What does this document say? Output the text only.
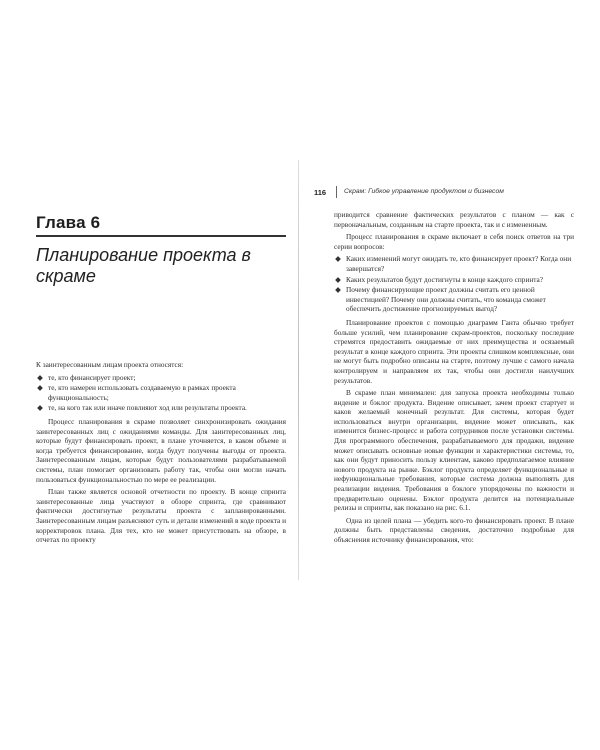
Глава 6
Планирование проекта в скраме

К заинтересованным лицам проекта относятся:

те, кто финансирует проект;
те, кто намерен использовать создаваемую в рамках проекта функциональность;
те, на кого так или иначе повлияют ход или результаты проекта.

Процесс планирования в скраме позволяет синхронизировать ожидания заинтересованных лиц с ожиданиями команды. Для заинтересованных лиц, которые будут финансировать проект, в плане уточняется, в каком объеме и когда требуется финансирование, когда будут получены выгоды от проекта. Заинтересованным лицам, которые будут пользователями разрабатываемой системы, план помогает организовать работу так, чтобы они могли начать пользоваться функциональностью по мере ее реализации.

План также является основой отчетности по проекту. В конце спринта заинтересованные лица участвуют в обзоре спринта, где сравнивают фактически достигнутые результаты проекта с запланированными. Заинтересованным лицам разъясняют суть и детали изменений в коде проекта и корректировок плана. Для тех, кто не может присутствовать на обзоре, в отчетах по проекту

116	Скрам: Гибкое управление продуктом и бизнесом

приводится сравнение фактических результатов с планом — как с первоначальным, созданным на старте проекта, так и с измененным.

Процесс планирования в скраме включает в себя поиск ответов на три серии вопросов:

Каких изменений могут ожидать те, кто финансирует проект? Когда они завершатся?
Каких результатов будут достигнуты в конце каждого спринта?
Почему финансирующие проект должны считать его ценной инвестицией? Почему они должны считать, что команда сможет обеспечить достижение прогнозируемых выгод?

Планирование проектов с помощью диаграмм Ганта обычно требует больше усилий, чем планирование скрам-проектов, поскольку последние стремятся предоставить ожидаемые от них преимущества и осязаемый результат в конце каждого спринта. Эти проекты слишком комплексные, они не могут быть подробно описаны на старте, поэтому лучше с самого начала контролируем и направляем их так, чтобы они достигли наилучших результатов.

В скраме план минимален: для запуска проекта необходимы только видение и бэклог продукта. Видение описывает, зачем проект стартует и каков желаемый конечный результат. Для системы, которая будет использоваться внутри организации, видение может описывать, как изменится бизнес-процесс и работа сотрудников после установки системы. Для программного обеспечения, разрабатываемого для продажи, видение может описывать основные новые функции и характеристики системы, то, как они будут приносить пользу клиентам, каково предполагаемое влияние нового продукта на рынке. Бэклог продукта определяет функциональные и нефункциональные требования, которые система должна выполнять для реализации видения. Требования в бэклоге упорядочены по важности и предварительно оценены. Бэклог продукта делится на потенциальные релизы и спринты, как показано на рис. 6.1.

Одна из целей плана — убедить кого-то финансировать проект. В плане должны быть представлены сведения, достаточно подробные для объяснения источнику финансирования, что:
